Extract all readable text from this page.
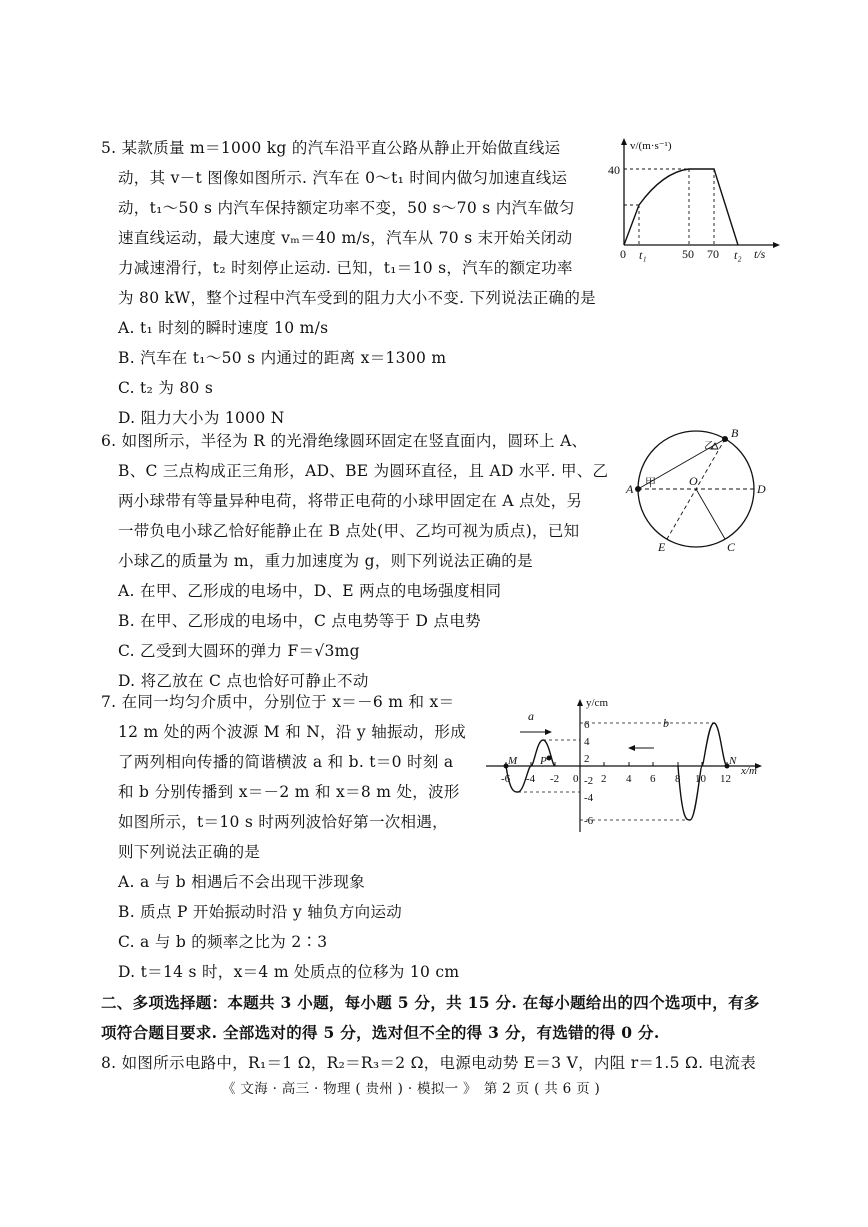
5. 某款质量 m＝1000 kg 的汽车沿平直公路从静止开始做直线运
动，其 v－t 图像如图所示. 汽车在 0～t₁ 时间内做匀加速直线运
动，t₁～50 s 内汽车保持额定功率不变，50 s～70 s 内汽车做匀
速直线运动，最大速度 vₘ＝40 m/s，汽车从 70 s 末开始关闭动
力减速滑行，t₂ 时刻停止运动. 已知，t₁＝10 s，汽车的额定功率
为 80 kW，整个过程中汽车受到的阻力大小不变. 下列说法正确的是
A. t₁ 时刻的瞬时速度 10 m/s
B. 汽车在 t₁～50 s 内通过的距离 x＝1300 m
C. t₂ 为 80 s
D. 阻力大小为 1000 N
v/(m·s⁻¹)
40
0 t₁	50 70 t₂ t/s
6. 如图所示，半径为 R 的光滑绝缘圆环固定在竖直面内，圆环上 A、
B、C 三点构成正三角形，AD、BE 为圆环直径，且 AD 水平. 甲、乙
两小球带有等量异种电荷，将带正电荷的小球甲固定在 A 点处，另
一带负电小球乙恰好能静止在 B 点处(甲、乙均可视为质点)，已知
小球乙的质量为 m，重力加速度为 g，则下列说法正确的是
A. 在甲、乙形成的电场中，D、E 两点的电场强度相同
B. 在甲、乙形成的电场中，C 点电势等于 D 点电势
C. 乙受到大圆环的弹力 F＝√3mg
D. 将乙放在 C 点也恰好可静止不动
A
B
C
D
E
O
甲
乙
7. 在同一均匀介质中，分别位于 x＝－6 m 和 x＝
12 m 处的两个波源 M 和 N，沿 y 轴振动，形成
了两列相向传播的简谐横波 a 和 b. t＝0 时刻 a
和 b 分别传播到 x＝－2 m 和 x＝8 m 处，波形
如图所示，t＝10 s 时两列波恰好第一次相遇，
则下列说法正确的是
A. a 与 b 相遇后不会出现干涉现象
B. 质点 P 开始振动时沿 y 轴负方向运动
C. a 与 b 的频率之比为 2∶3
D. t＝14 s 时，x＝4 m 处质点的位移为 10 cm
y/cm
x/m
-6 -4 -2 0 2 4 6 8 10 12
6
4
2
-2
-4
-6
M	N
P
a	b
二、多项选择题：本题共 3 小题，每小题 5 分，共 15 分. 在每小题给出的四个选项中，有多
项符合题目要求. 全部选对的得 5 分，选对但不全的得 3 分，有选错的得 0 分.
8. 如图所示电路中，R₁＝1 Ω，R₂＝R₃＝2 Ω，电源电动势 E＝3 V，内阻 r＝1.5 Ω. 电流表
《 文海 · 高三 · 物理 ( 贵州 ) · 模拟一 》　第 2 页 ( 共 6 页 )
